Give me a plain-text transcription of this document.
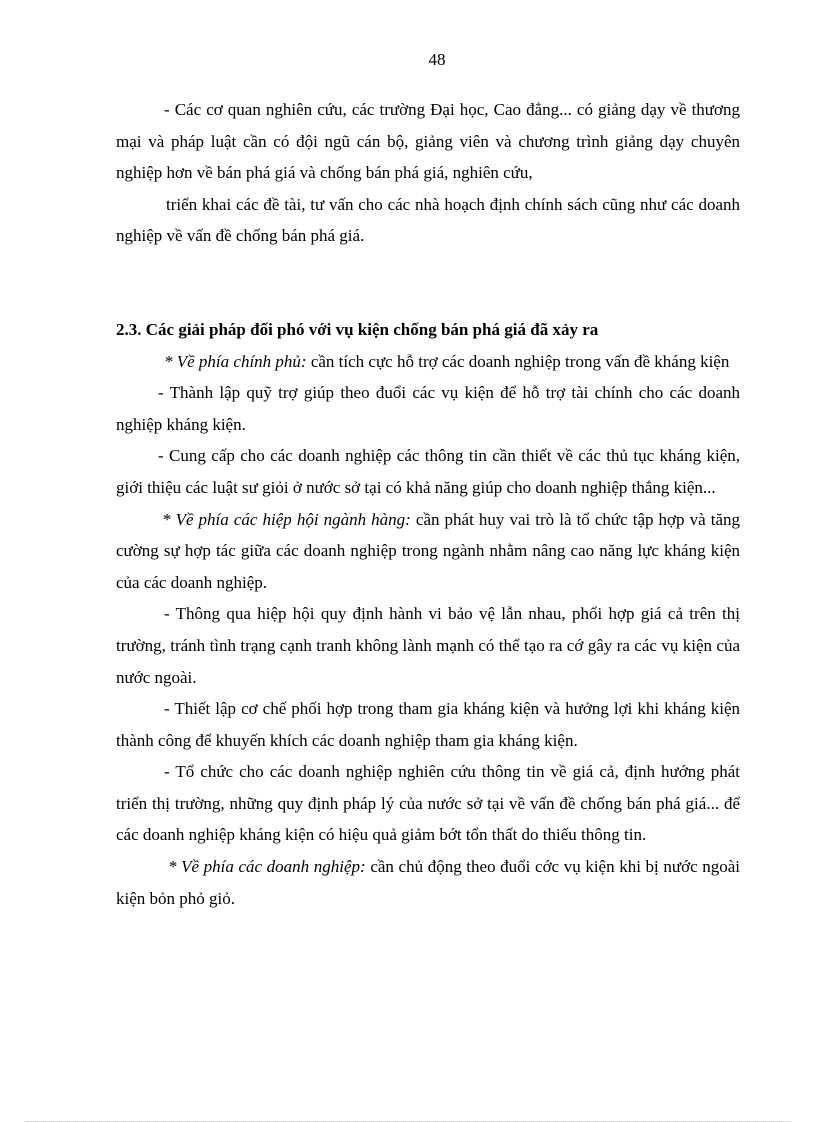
48

- Các cơ quan nghiên cứu, các trường Đại học, Cao đẳng... có giảng dạy về thương mại và pháp luật cần có đội ngũ cán bộ, giảng viên và chương trình giảng dạy chuyên nghiệp hơn về bán phá giá và chống bán phá giá, nghiên cứu,

triển khai các đề tài, tư vấn cho các nhà hoạch định chính sách cũng như các doanh nghiệp về vấn đề chống bán phá giá.

2.3. Các giải pháp đối phó với vụ kiện chống bán phá giá đã xảy ra

* Về phía chính phủ: cần tích cực hỗ trợ các doanh nghiệp trong vấn đề kháng kiện

- Thành lập quỹ trợ giúp theo đuổi các vụ kiện để hỗ trợ tài chính cho các doanh nghiệp kháng kiện.

- Cung cấp cho các doanh nghiệp các thông tin cần thiết về các thủ tục kháng kiện, giới thiệu các luật sư giỏi ở nước sở tại có khả năng giúp cho doanh nghiệp thắng kiện...

* Về phía các hiệp hội ngành hàng: cần phát huy vai trò là tổ chức tập hợp và tăng cường sự hợp tác giữa các doanh nghiệp trong ngành nhằm nâng cao năng lực kháng kiện của các doanh nghiệp.

- Thông qua hiệp hội quy định hành vi bảo vệ lẫn nhau, phối hợp giá cả trên thị trường, tránh tình trạng cạnh tranh không lành mạnh có thể tạo ra cớ gây ra các vụ kiện của nước ngoài.

- Thiết lập cơ chế phối hợp trong tham gia kháng kiện và hưởng lợi khi kháng kiện thành công để khuyến khích các doanh nghiệp tham gia kháng kiện.

- Tổ chức cho các doanh nghiệp nghiên cứu thông tin về giá cả, định hướng phát triển thị trường, những quy định pháp lý của nước sở tại về vấn đề chống bán phá giá... để các doanh nghiệp kháng kiện có hiệu quả giảm bớt tổn thất do thiếu thông tin.

* Về phía các doanh nghiệp: cần chủ động theo đuổi cớc vụ kiện khi bị nước ngoài kiện bỏn phỏ giỏ.
